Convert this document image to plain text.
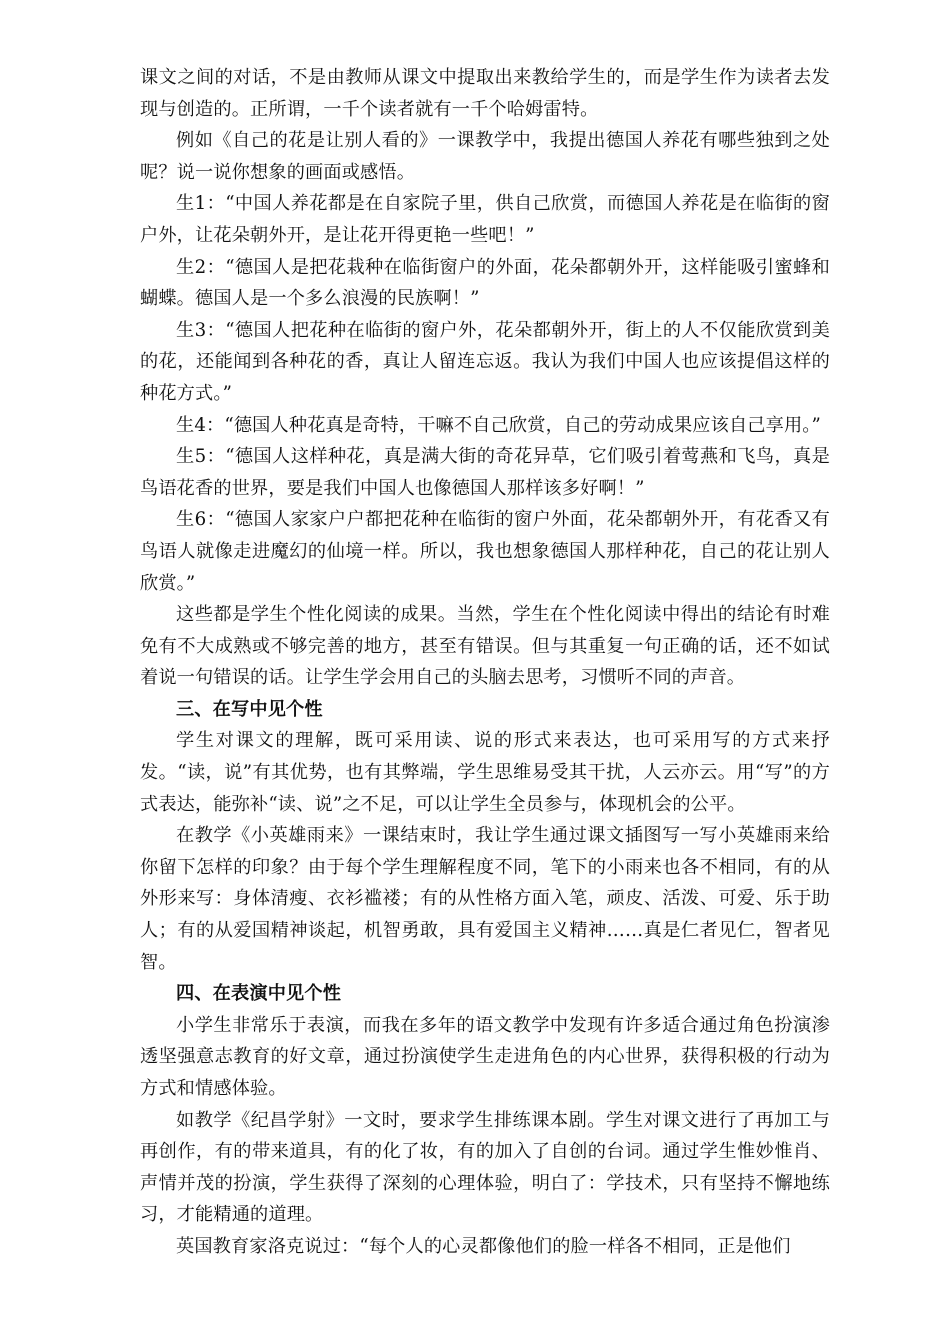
课文之间的对话，不是由教师从课文中提取出来教给学生的，而是学生作为读者去发现与创造的。正所谓，一千个读者就有一千个哈姆雷特。

例如《自己的花是让别人看的》一课教学中，我提出德国人养花有哪些独到之处呢？说一说你想象的画面或感悟。

生1：“中国人养花都是在自家院子里，供自己欣赏，而德国人养花是在临街的窗户外，让花朵朝外开，是让花开得更艳一些吧！”

生2：“德国人是把花栽种在临街窗户的外面，花朵都朝外开，这样能吸引蜜蜂和蝴蝶。德国人是一个多么浪漫的民族啊！”

生3：“德国人把花种在临街的窗户外，花朵都朝外开，街上的人不仅能欣赏到美的花，还能闻到各种花的香，真让人留连忘返。我认为我们中国人也应该提倡这样的种花方式。”

生4：“德国人种花真是奇特，干嘛不自己欣赏，自己的劳动成果应该自己享用。”

生5：“德国人这样种花，真是满大街的奇花异草，它们吸引着莺燕和飞鸟，真是鸟语花香的世界，要是我们中国人也像德国人那样该多好啊！”

生6：“德国人家家户户都把花种在临街的窗户外面，花朵都朝外开，有花香又有鸟语人就像走进魔幻的仙境一样。所以，我也想象德国人那样种花，自己的花让别人欣赏。”

这些都是学生个性化阅读的成果。当然，学生在个性化阅读中得出的结论有时难免有不大成熟或不够完善的地方，甚至有错误。但与其重复一句正确的话，还不如试着说一句错误的话。让学生学会用自己的头脑去思考，习惯听不同的声音。

三、在写中见个性

学生对课文的理解，既可采用读、说的形式来表达，也可采用写的方式来抒发。“读，说”有其优势，也有其弊端，学生思维易受其干扰，人云亦云。用“写”的方式表达，能弥补“读、说”之不足，可以让学生全员参与，体现机会的公平。

在教学《小英雄雨来》一课结束时，我让学生通过课文插图写一写小英雄雨来给你留下怎样的印象？由于每个学生理解程度不同，笔下的小雨来也各不相同，有的从外形来写：身体清瘦、衣衫褴褛；有的从性格方面入笔，顽皮、活泼、可爱、乐于助人；有的从爱国精神谈起，机智勇敢，具有爱国主义精神……真是仁者见仁，智者见智。

四、在表演中见个性

小学生非常乐于表演，而我在多年的语文教学中发现有许多适合通过角色扮演渗透坚强意志教育的好文章，通过扮演使学生走进角色的内心世界，获得积极的行动为方式和情感体验。

如教学《纪昌学射》一文时，要求学生排练课本剧。学生对课文进行了再加工与再创作，有的带来道具，有的化了妆，有的加入了自创的台词。通过学生惟妙惟肖、声情并茂的扮演，学生获得了深刻的心理体验，明白了：学技术，只有坚持不懈地练习，才能精通的道理。

英国教育家洛克说过：“每个人的心灵都像他们的脸一样各不相同，正是他们
